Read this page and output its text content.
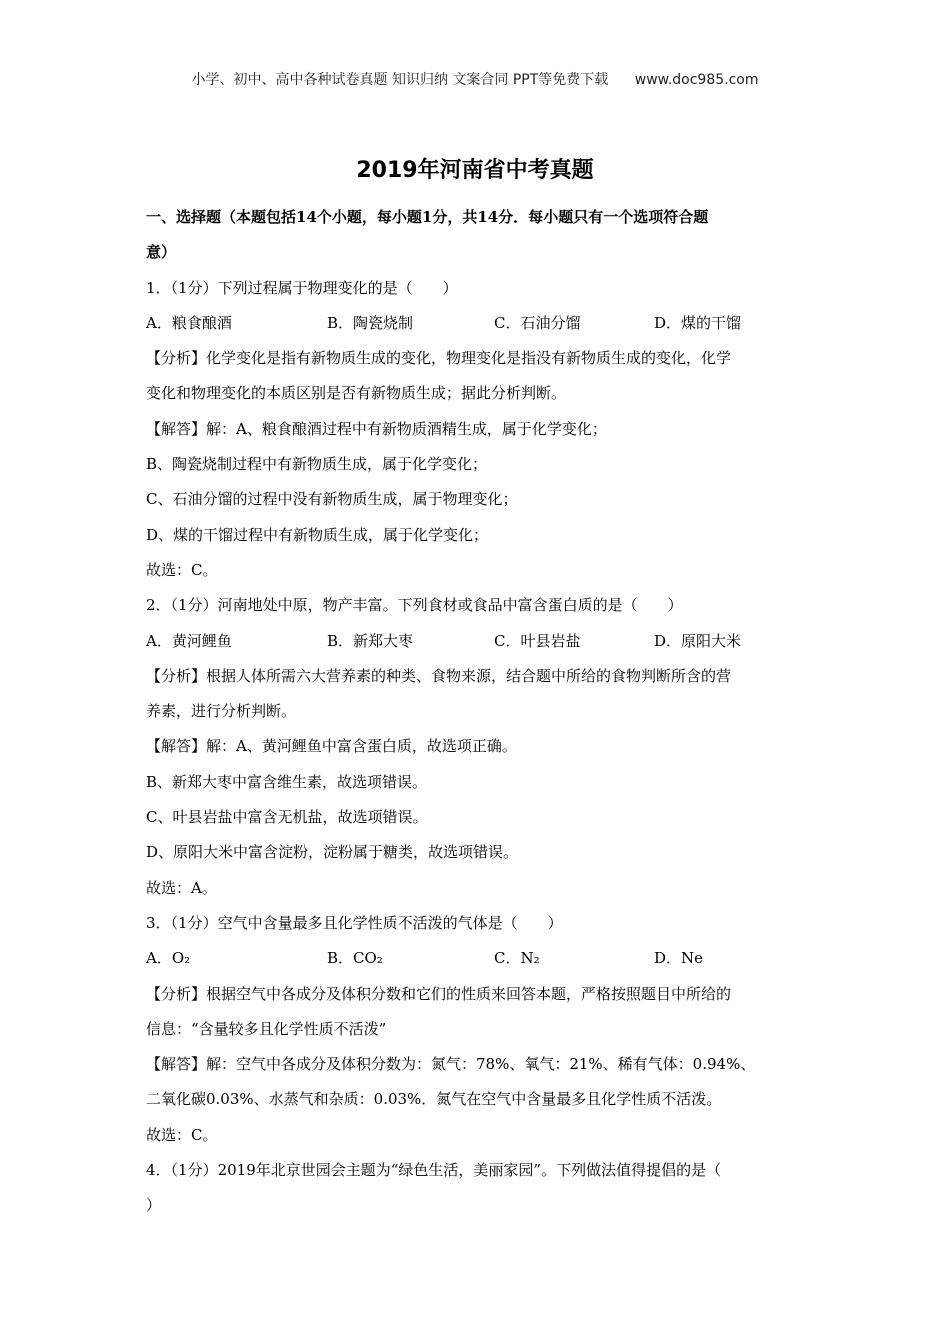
小学、初中、高中各种试卷真题 知识归纳 文案合同 PPT等免费下载 www.doc985.com
2019年河南省中考真题
一、选择题（本题包括14个小题，每小题1分，共14分．每小题只有一个选项符合题
意）
1．（1分）下列过程属于物理变化的是（　　）
A．粮食酿酒	B．陶瓷烧制	C．石油分馏	D．煤的干馏
【分析】化学变化是指有新物质生成的变化，物理变化是指没有新物质生成的变化，化学
变化和物理变化的本质区别是否有新物质生成；据此分析判断。
【解答】解：A、粮食酿酒过程中有新物质酒精生成，属于化学变化；
B、陶瓷烧制过程中有新物质生成，属于化学变化；
C、石油分馏的过程中没有新物质生成，属于物理变化；
D、煤的干馏过程中有新物质生成，属于化学变化；
故选：C。
2．（1分）河南地处中原，物产丰富。下列食材或食品中富含蛋白质的是（　　）
A．黄河鲤鱼	B．新郑大枣	C．叶县岩盐	D．原阳大米
【分析】根据人体所需六大营养素的种类、食物来源，结合题中所给的食物判断所含的营
养素，进行分析判断。
【解答】解：A、黄河鲤鱼中富含蛋白质，故选项正确。
B、新郑大枣中富含维生素，故选项错误。
C、叶县岩盐中富含无机盐，故选项错误。
D、原阳大米中富含淀粉，淀粉属于糖类，故选项错误。
故选：A。
3．（1分）空气中含量最多且化学性质不活泼的气体是（　　）
A．O₂	B．CO₂	C．N₂	D．Ne
【分析】根据空气中各成分及体积分数和它们的性质来回答本题，严格按照题目中所给的
信息：“含量较多且化学性质不活泼”
【解答】解：空气中各成分及体积分数为：氮气：78%、氧气：21%、稀有气体：0.94%、
二氧化碳0.03%、水蒸气和杂质：0.03%．氮气在空气中含量最多且化学性质不活泼。
故选：C。
4．（1分）2019年北京世园会主题为“绿色生活，美丽家园”。下列做法值得提倡的是（
）
